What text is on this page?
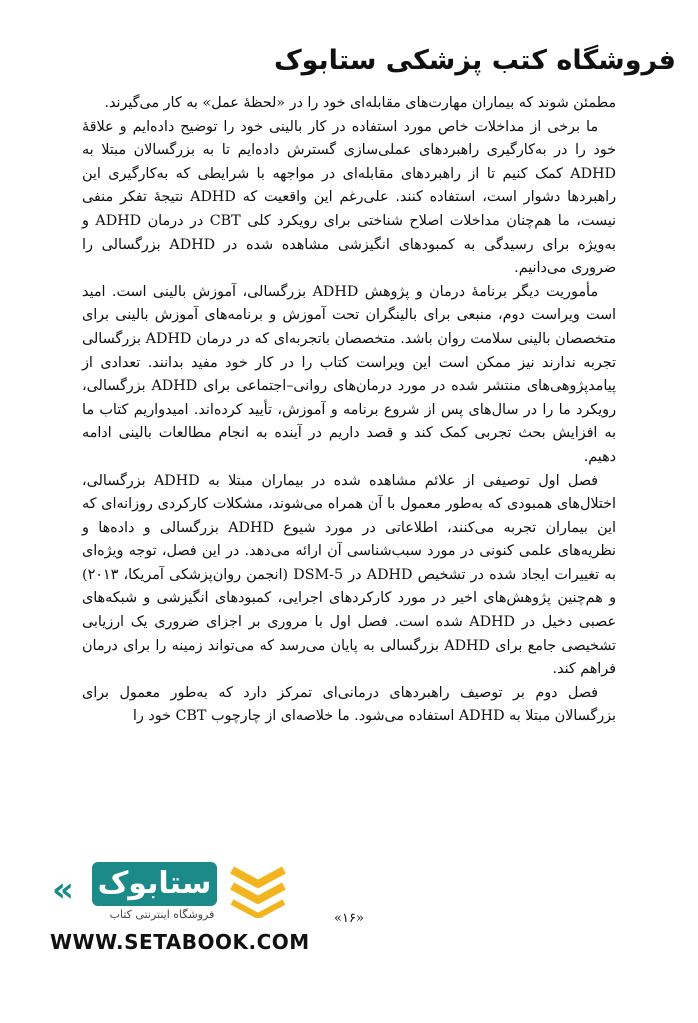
فروشگاه کتب پزشکی ستابوک

مطمئن شوند که بیماران مهارت‌های مقابله‌ای خود را در «لحظهٔ عمل» به کار می‌گیرند.

ما برخی از مداخلات خاص مورد استفاده در کار بالینی خود را توضیح داده‌ایم و علاقهٔ خود را در به‌کارگیری راهبردهای عملی‌سازی گسترش داده‌ایم تا به بزرگسالان مبتلا به ADHD کمک کنیم تا از راهبردهای مقابله‌ای در مواجهه با شرایطی که به‌کارگیری این راهبردها دشوار است، استفاده کنند. علی‌رغم این واقعیت که ADHD نتیجهٔ تفکر منفی نیست، ما هم‌چنان مداخلات اصلاح شناختی برای رویکرد کلی CBT در درمان ADHD و به‌ویژه برای رسیدگی به کمبودهای انگیزشی مشاهده شده در ADHD بزرگسالی را ضروری می‌دانیم.

مأموریت دیگر برنامهٔ درمان و پژوهش ADHD بزرگسالی، آموزش بالینی است. امید است ویراست دوم، منبعی برای بالینگران تحت آموزش و برنامه‌های آموزش بالینی برای متخصصان بالینی سلامت روان باشد. متخصصان باتجربه‌ای که در درمان ADHD بزرگسالی تجربه ندارند نیز ممکن است این ویراست کتاب را در کار خود مفید بدانند. تعدادی از پیامدپژوهی‌های منتشر شده در مورد درمان‌های روانی–اجتماعی برای ADHD بزرگسالی، رویکرد ما را در سال‌های پس از شروع برنامه و آموزش، تأیید کرده‌اند. امیدواریم کتاب ما به افزایش بحث تجربی کمک کند و قصد داریم در آینده به انجام مطالعات بالینی ادامه دهیم.

فصل اول توصیفی از علائم مشاهده شده در بیماران مبتلا به ADHD بزرگسالی، اختلال‌های همبودی که به‌طور معمول با آن همراه می‌شوند، مشکلات کارکردی روزانه‌ای که این بیماران تجربه می‌کنند، اطلاعاتی در مورد شیوع ADHD بزرگسالی و داده‌ها و نظریه‌های علمی کنونی در مورد سبب‌شناسی آن ارائه می‌دهد. در این فصل، توجه ویژه‌ای به تغییرات ایجاد شده در تشخیص ADHD در DSM-5 (انجمن روان‌پزشکی آمریکا، ۲۰۱۳) و هم‌چنین پژوهش‌های اخیر در مورد کارکردهای اجرایی، کمبودهای انگیزشی و شبکه‌های عصبی دخیل در ADHD شده است. فصل اول با مروری بر اجزای ضروری یک ارزیابی تشخیصی جامع برای ADHD بزرگسالی به پایان می‌رسد که می‌تواند زمینه را برای درمان فراهم کند.

فصل دوم بر توصیف راهبردهای درمانی‌ای تمرکز دارد که به‌طور معمول برای بزرگسالان مبتلا به ADHD استفاده می‌شود. ما خلاصه‌ای از چارچوب CBT خود را

« ستابوک
فروشگاه اینترنتی کتاب	«۱۶»
WWW.SETABOOK.COM
